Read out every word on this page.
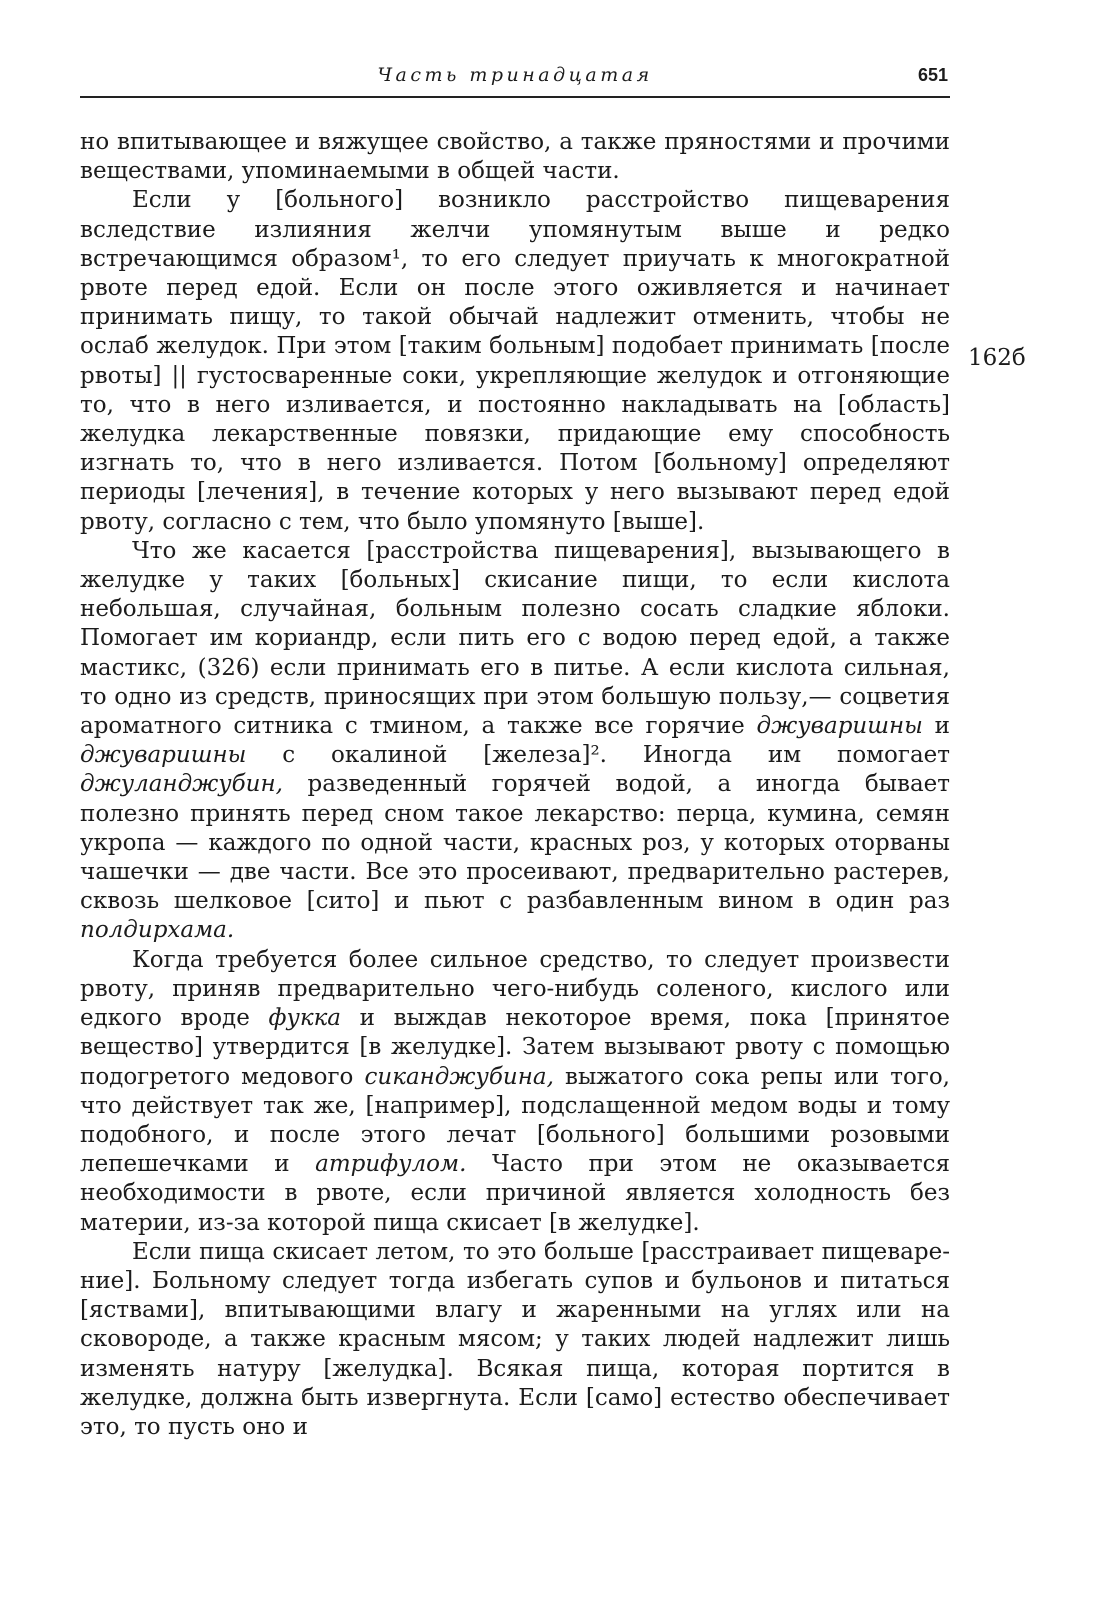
Часть тринадцатая	651

но впитывающее и вяжущее свойство, а также пряностями и прочими веществами, упоминаемыми в общей части.

Если у [больного] возникло расстройство пищеварения вследствие излияния желчи упомянутым выше и редко встречающимся образом¹, то его следует приучать к многократной рвоте перед едой. Если он после этого оживляется и начинает принимать пищу, то такой обычай надлежит отменить, чтобы не ослаб желудок. При этом [таким больным] подобает принимать [после рвоты] || густосваренные соки, укрепляющие желудок и отгоняющие то, что в него изливается, и постоянно накладывать на [область] желудка лекарственные повязки, придающие ему способность изгнать то, что в него изливается. Потом [больному] определяют периоды [лечения], в течение которых у него вызывают перед едой рвоту, согласно с тем, что было упомянуто [выше].

Что же касается [расстройства пищеварения], вызывающего в желудке у таких [больных] скисание пищи, то если кислота небольшая, случайная, больным полезно сосать сладкие яблоки. Помогает им кориандр, если пить его с водою перед едой, а также мастикс, (326) если принимать его в питье. А если кислота сильная, то одно из средств, приносящих при этом большую пользу,— соцветия ароматного ситника с тмином, а также все горячие джуваришны и джуваришны с окалиной [железа]². Иногда им помогает джуланджубин, разведенный горячей водой, а иногда бывает полезно принять перед сном такое лекарство: перца, кумина, семян укропа — каждого по одной части, красных роз, у которых оторваны чашечки — две части. Все это просеивают, предварительно растерев, сквозь шелковое [сито] и пьют с разбавленным вином в один раз полдирхама.

Когда требуется более сильное средство, то следует произвести рвоту, приняв предварительно чего-нибудь соленого, кислого или едкого вроде фукка и выждав некоторое время, пока [принятое вещество] утвердится [в желудке]. Затем вызывают рвоту с помощью подогретого медового сиканджубина, выжатого сока репы или того, что действует так же, [например], подслащенной медом воды и тому подобного, и после этого лечат [больного] большими розовыми лепешечками и атрифулом. Часто при этом не оказывается необходимости в рвоте, если причиной является холодность без материи, из-за которой пища скисает [в желудке].

Если пища скисает летом, то это больше [расстраивает пищеварение]. Больному следует тогда избегать супов и бульонов и питаться [яствами], впитывающими влагу и жаренными на углях или на сковороде, а также красным мясом; у таких людей надлежит лишь изменять натуру [желудка]. Всякая пища, которая портится в желудке, должна быть извергнута. Если [само] естество обеспечивает это, то пусть оно и

162б
